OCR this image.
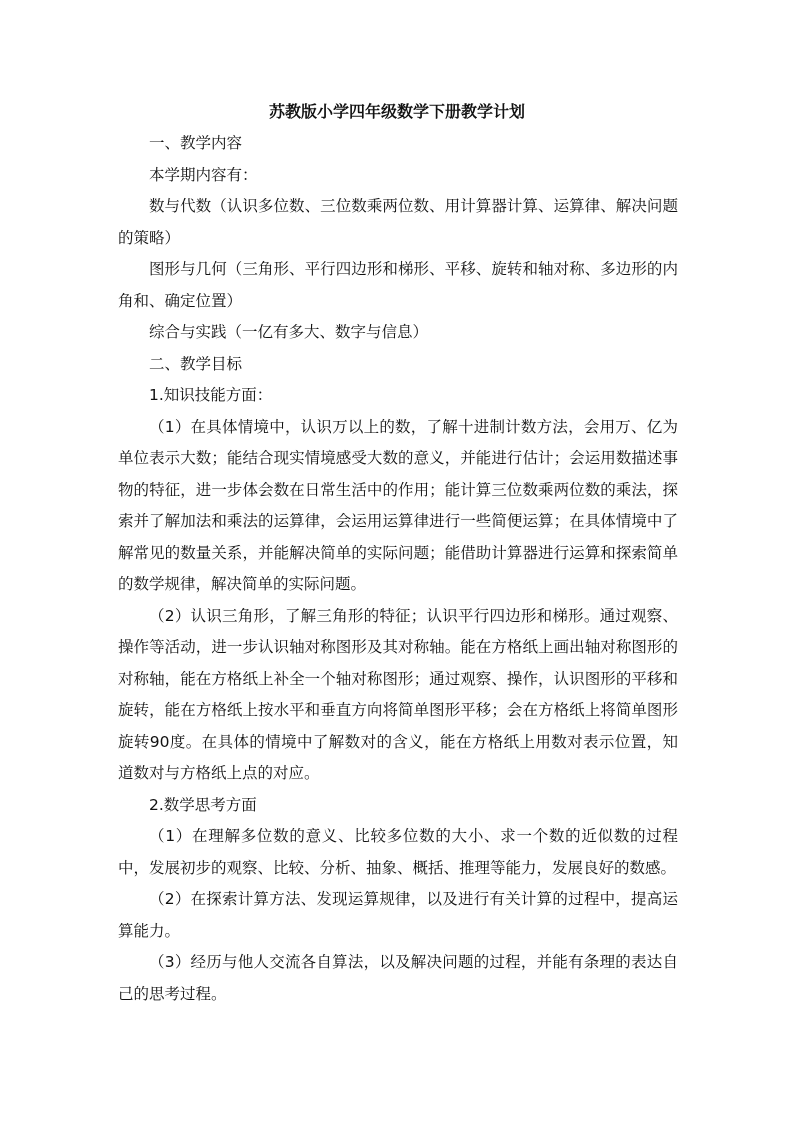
苏教版小学四年级数学下册教学计划

一、教学内容

本学期内容有：

数与代数（认识多位数、三位数乘两位数、用计算器计算、运算律、解决问题的策略）

图形与几何（三角形、平行四边形和梯形、平移、旋转和轴对称、多边形的内角和、确定位置）

综合与实践（一亿有多大、数字与信息）

二、教学目标

1.知识技能方面：

（1）在具体情境中，认识万以上的数，了解十进制计数方法，会用万、亿为单位表示大数；能结合现实情境感受大数的意义，并能进行估计；会运用数描述事物的特征，进一步体会数在日常生活中的作用；能计算三位数乘两位数的乘法，探索并了解加法和乘法的运算律，会运用运算律进行一些简便运算；在具体情境中了解常见的数量关系，并能解决简单的实际问题；能借助计算器进行运算和探索简单的数学规律，解决简单的实际问题。

（2）认识三角形，了解三角形的特征；认识平行四边形和梯形。通过观察、操作等活动，进一步认识轴对称图形及其对称轴。能在方格纸上画出轴对称图形的对称轴，能在方格纸上补全一个轴对称图形；通过观察、操作，认识图形的平移和旋转，能在方格纸上按水平和垂直方向将简单图形平移；会在方格纸上将简单图形旋转90度。在具体的情境中了解数对的含义，能在方格纸上用数对表示位置，知道数对与方格纸上点的对应。

2.数学思考方面

（1）在理解多位数的意义、比较多位数的大小、求一个数的近似数的过程中，发展初步的观察、比较、分析、抽象、概括、推理等能力，发展良好的数感。

（2）在探索计算方法、发现运算规律，以及进行有关计算的过程中，提高运算能力。

（3）经历与他人交流各自算法，以及解决问题的过程，并能有条理的表达自己的思考过程。
